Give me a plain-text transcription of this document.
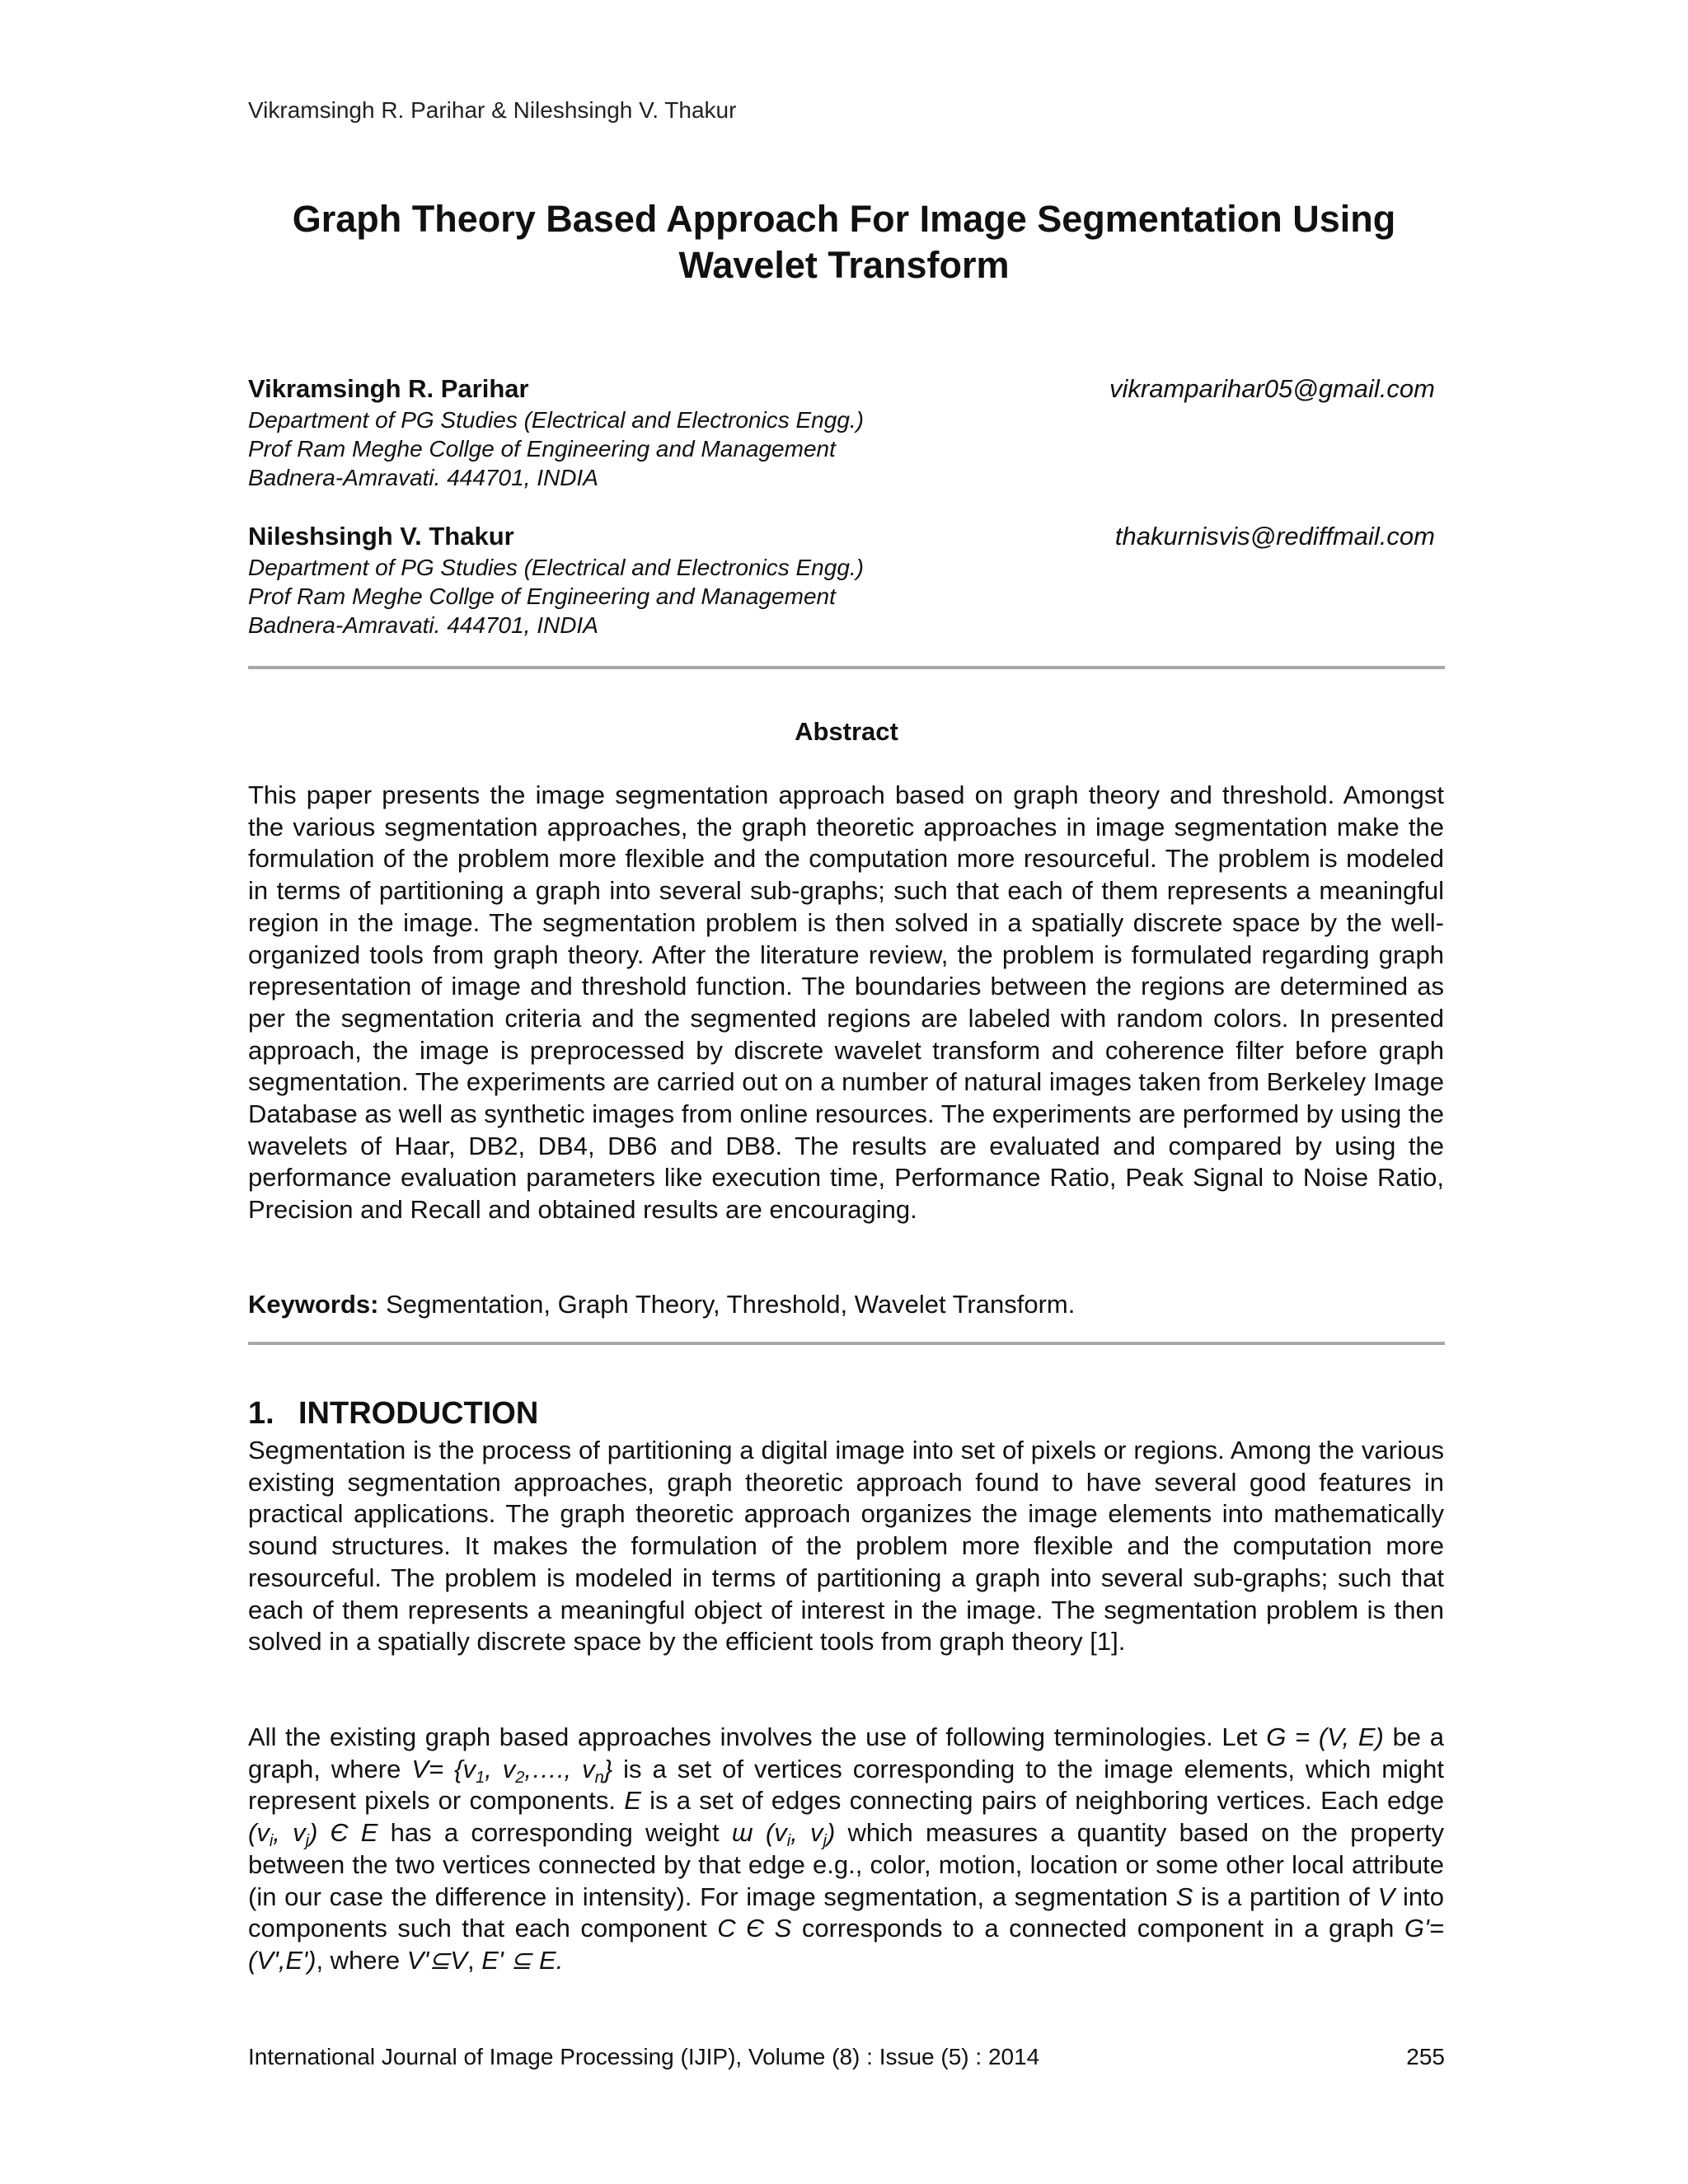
Vikramsingh R. Parihar & Nileshsingh V. Thakur
Graph Theory Based Approach For Image Segmentation Using
Wavelet Transform
Vikramsingh R. Parihar	vikramparihar05@gmail.com
Department of PG Studies (Electrical and Electronics Engg.)
Prof Ram Meghe Collge of Engineering and Management
Badnera-Amravati. 444701, INDIA
Nileshsingh V. Thakur	thakurnisvis@rediffmail.com
Department of PG Studies (Electrical and Electronics Engg.)
Prof Ram Meghe Collge of Engineering and Management
Badnera-Amravati. 444701, INDIA
Abstract

This paper presents the image segmentation approach based on graph theory and threshold. Amongst the various segmentation approaches, the graph theoretic approaches in image segmentation make the formulation of the problem more flexible and the computation more resourceful. The problem is modeled in terms of partitioning a graph into several sub-graphs; such that each of them represents a meaningful region in the image. The segmentation problem is then solved in a spatially discrete space by the well-organized tools from graph theory. After the literature review, the problem is formulated regarding graph representation of image and threshold function. The boundaries between the regions are determined as per the segmentation criteria and the segmented regions are labeled with random colors. In presented approach, the image is preprocessed by discrete wavelet transform and coherence filter before graph segmentation. The experiments are carried out on a number of natural images taken from Berkeley Image Database as well as synthetic images from online resources. The experiments are performed by using the wavelets of Haar, DB2, DB4, DB6 and DB8. The results are evaluated and compared by using the performance evaluation parameters like execution time, Performance Ratio, Peak Signal to Noise Ratio, Precision and Recall and obtained results are encouraging.

Keywords: Segmentation, Graph Theory, Threshold, Wavelet Transform.
1. INTRODUCTION

Segmentation is the process of partitioning a digital image into set of pixels or regions. Among the various existing segmentation approaches, graph theoretic approach found to have several good features in practical applications. The graph theoretic approach organizes the image elements into mathematically sound structures. It makes the formulation of the problem more flexible and the computation more resourceful. The problem is modeled in terms of partitioning a graph into several sub-graphs; such that each of them represents a meaningful object of interest in the image. The segmentation problem is then solved in a spatially discrete space by the efficient tools from graph theory [1].

All the existing graph based approaches involves the use of following terminologies. Let G = (V, E) be a graph, where $V= \{v_1$, $v_2,\dots$., $v_n$} is a set of vertices corresponding to the image elements, which might represent pixels or components. E is a set of edges connecting pairs of neighboring vertices. Each edge ($v_i$, $v_j$) Є E has a corresponding weight ɯ ($v_i$, $v_j$) which measures a quantity based on the property between the two vertices connected by that edge e.g., color, motion, location or some other local attribute (in our case the difference in intensity). For image segmentation, a segmentation S is a partition of V into components such that each component C Є S corresponds to a connected component in a graph G'=(V',E'), where V'⊆V, E' ⊆ E.

International Journal of Image Processing (IJIP), Volume (8) : Issue (5) : 2014	255
